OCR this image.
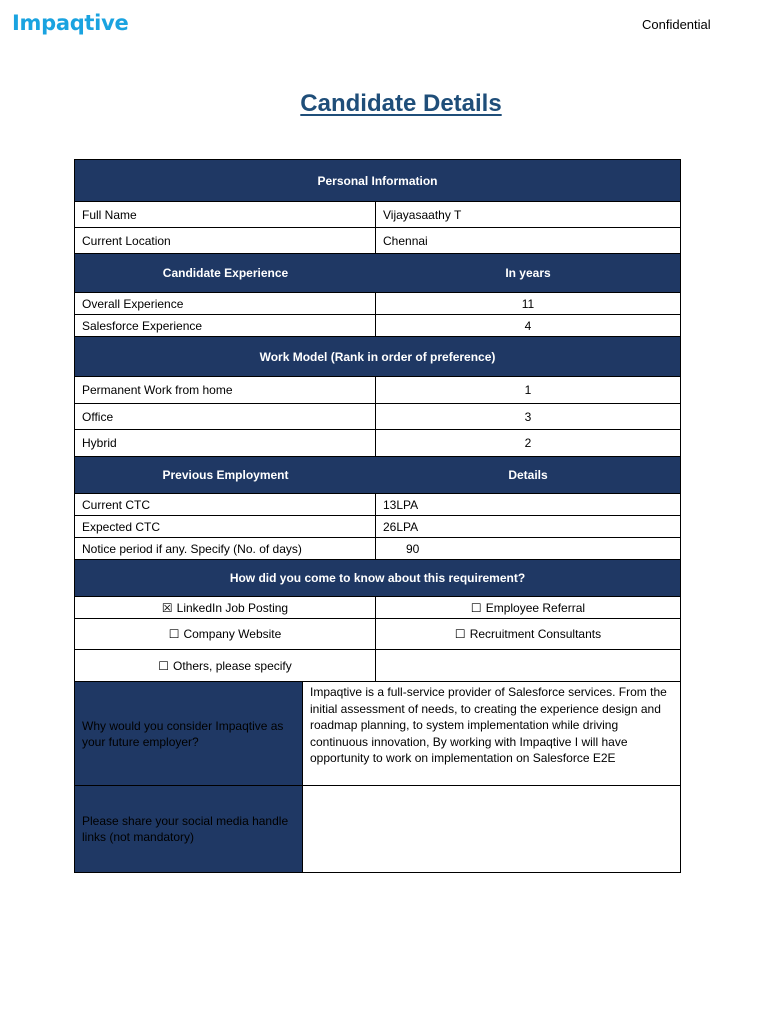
Impaqtive	Confidential
Candidate Details
Personal Information
Full Name	Vijayasaathy T
Current Location	Chennai
Candidate Experience	In years
Overall Experience	11
Salesforce Experience	4
Work Model (Rank in order of preference)
Permanent Work from home	1
Office	3
Hybrid	2
Previous Employment	Details
Current CTC	13LPA
Expected CTC	26LPA
Notice period if any. Specify (No. of days)	90
How did you come to know about this requirement?
☒ LinkedIn Job Posting	☐ Employee Referral
☐ Company Website	☐ Recruitment Consultants
☐ Others, please specify
Why would you consider Impaqtive as your future employer?
Impaqtive is a full-service provider of Salesforce services. From the initial assessment of needs, to creating the experience design and roadmap planning, to system implementation while driving continuous innovation, By working with Impaqtive I will have opportunity to work on implementation on Salesforce E2E
Please share your social media handle links (not mandatory)
